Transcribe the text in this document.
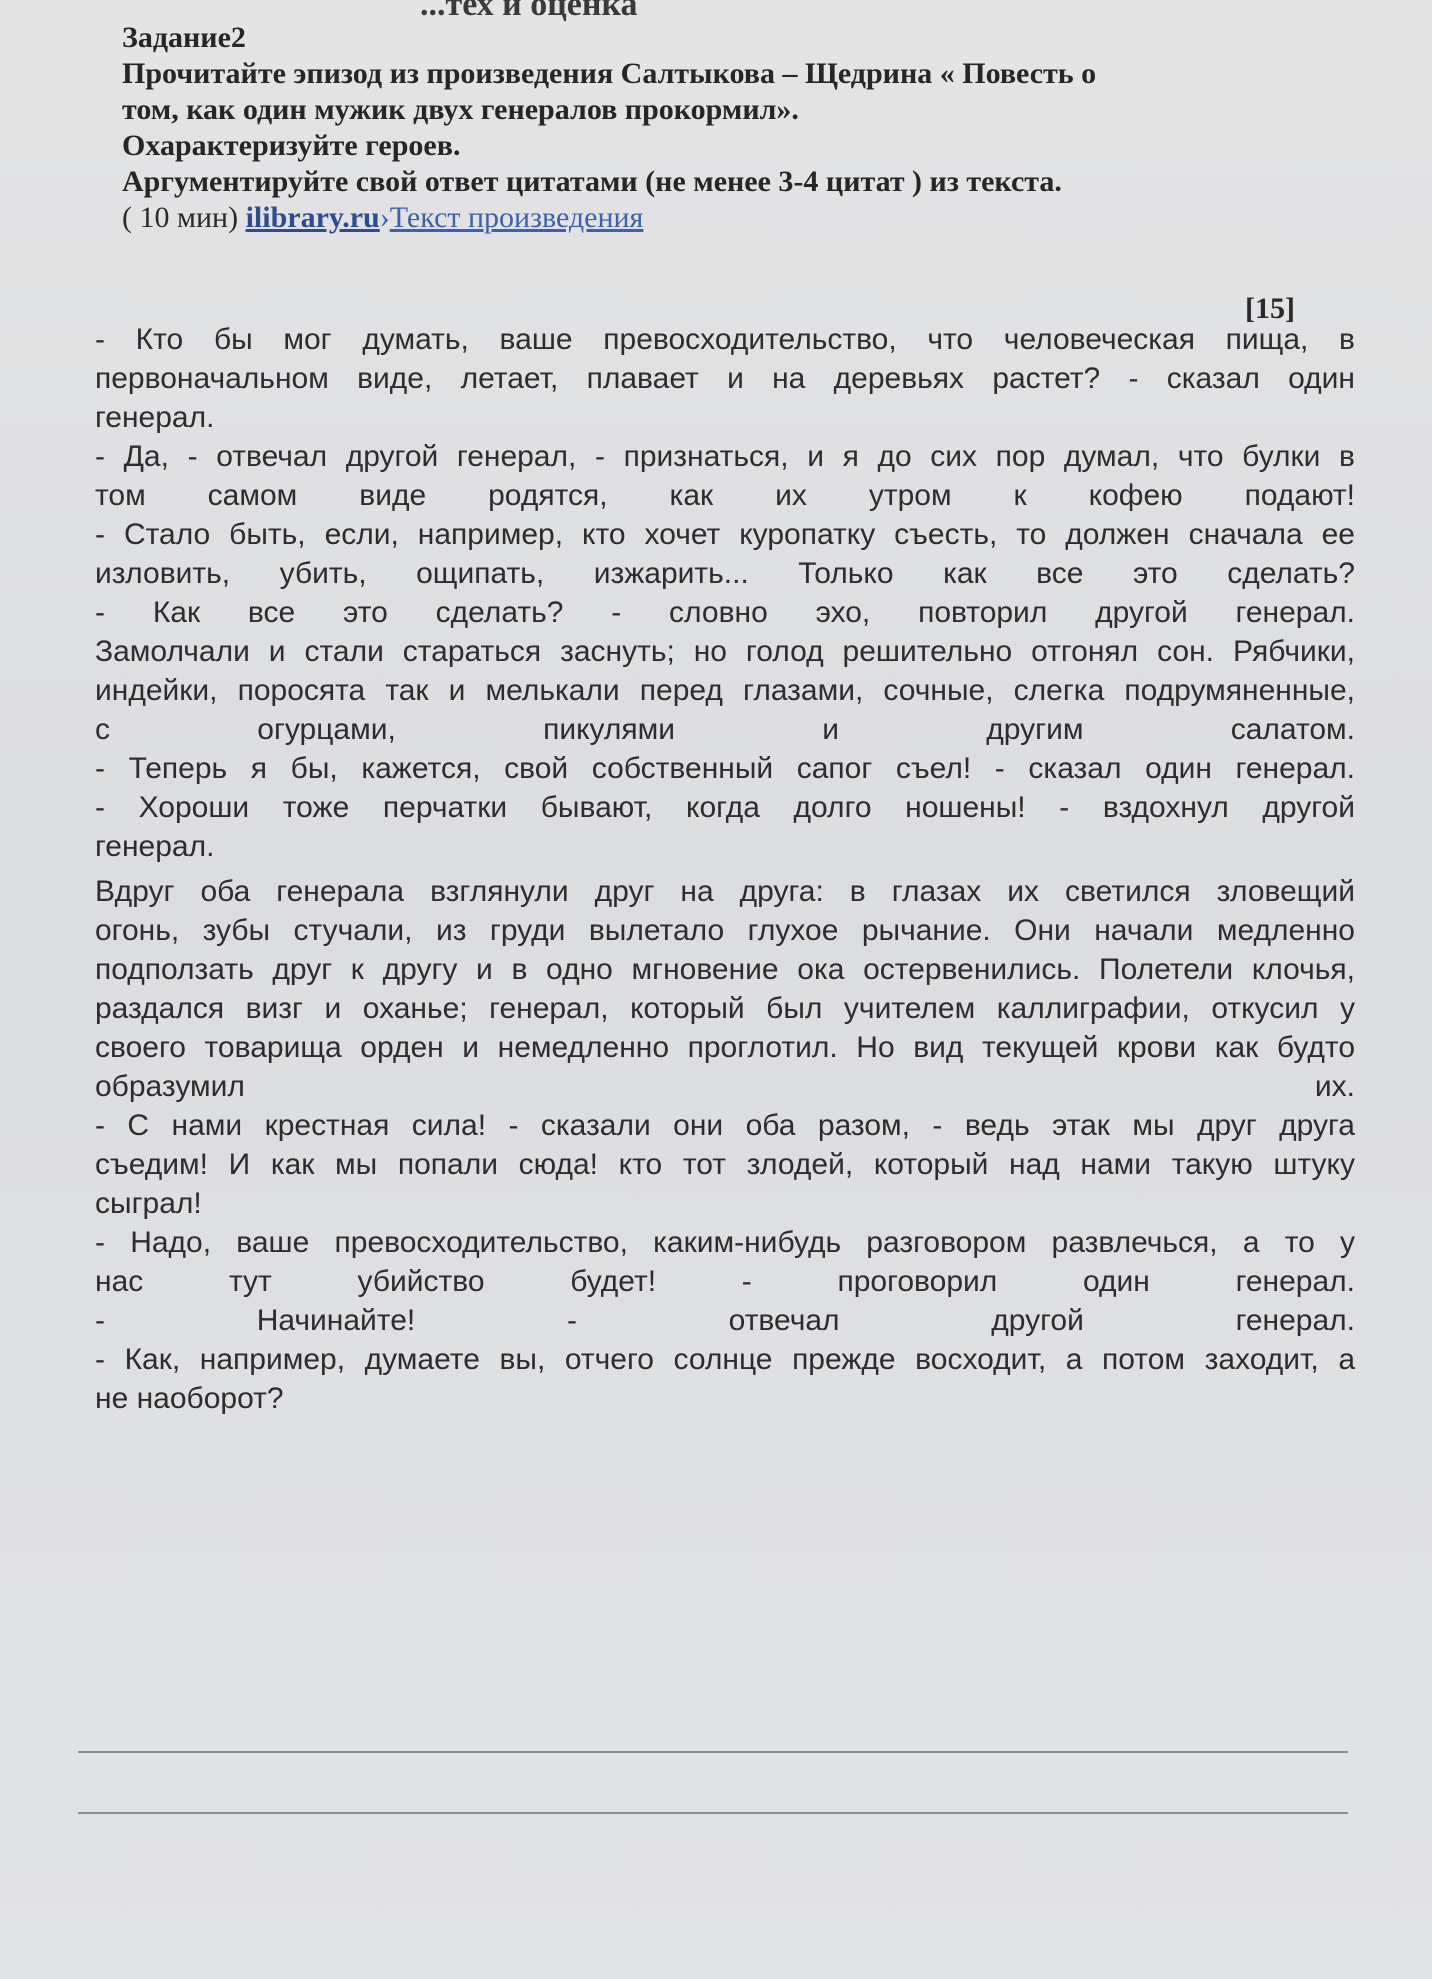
...тех и оценка
Задание2
Прочитайте эпизод из произведения Салтыкова – Щедрина « Повесть о
том, как один мужик двух генералов прокормил».
Охарактеризуйте героев.
Аргументируйте свой ответ цитатами (не менее 3-4 цитат ) из текста.
( 10 мин) ilibrary.ru›Текст произведения
[15]
- Кто бы мог думать, ваше превосходительство, что человеческая пища, в
первоначальном виде, летает, плавает и на деревьях растет? - сказал один
генерал.
- Да, - отвечал другой генерал, - признаться, и я до сих пор думал, что булки в
том самом виде родятся, как их утром к кофею подают!
- Стало быть, если, например, кто хочет куропатку съесть, то должен сначала ее
изловить, убить, ощипать, изжарить... Только как все это сделать?
- Как все это сделать? - словно эхо, повторил другой генерал.
Замолчали и стали стараться заснуть; но голод решительно отгонял сон. Рябчики,
индейки, поросята так и мелькали перед глазами, сочные, слегка подрумяненные,
с огурцами, пикулями и другим салатом.
- Теперь я бы, кажется, свой собственный сапог съел! - сказал один генерал.
- Хороши тоже перчатки бывают, когда долго ношены! - вздохнул другой
генерал.
Вдруг оба генерала взглянули друг на друга: в глазах их светился зловещий
огонь, зубы стучали, из груди вылетало глухое рычание. Они начали медленно
подползать друг к другу и в одно мгновение ока остервенились. Полетели клочья,
раздался визг и оханье; генерал, который был учителем каллиграфии, откусил у
своего товарища орден и немедленно проглотил. Но вид текущей крови как будто
образумил их.
- С нами крестная сила! - сказали они оба разом, - ведь этак мы друг друга
съедим! И как мы попали сюда! кто тот злодей, который над нами такую штуку
сыграл!
- Надо, ваше превосходительство, каким-нибудь разговором развлечься, а то у
нас тут убийство будет! - проговорил один генерал.
- Начинайте! - отвечал другой генерал.
- Как, например, думаете вы, отчего солнце прежде восходит, а потом заходит, а
не наоборот?
